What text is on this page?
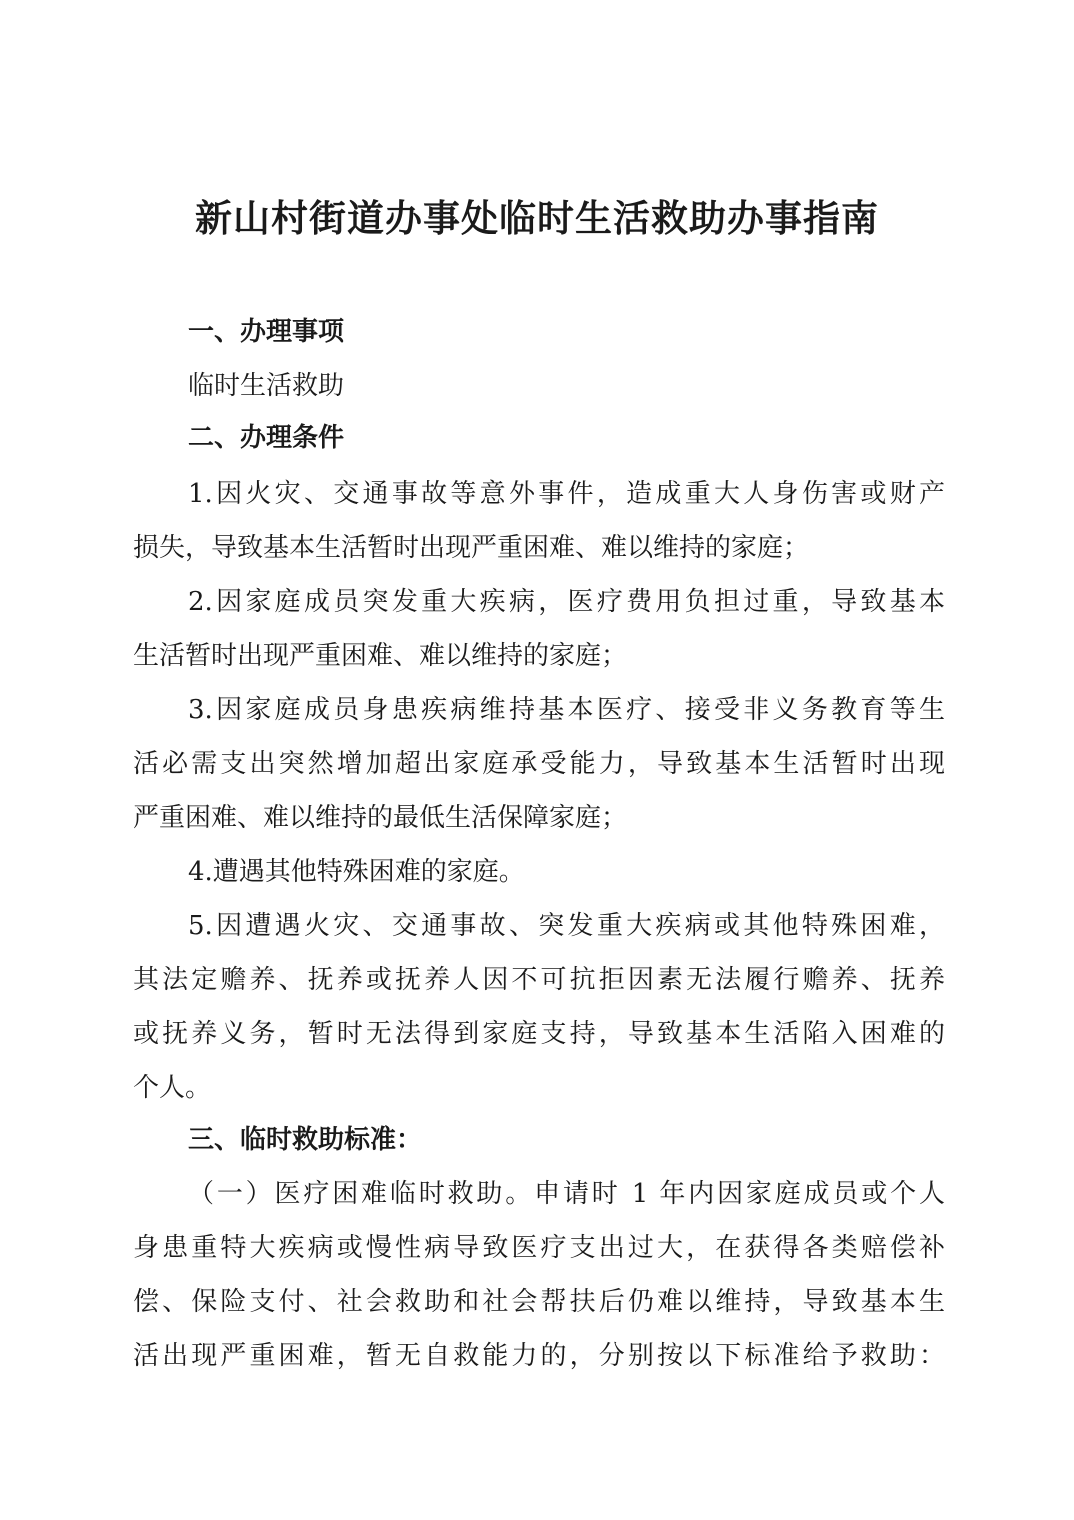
新山村街道办事处临时生活救助办事指南
一、办理事项
临时生活救助
二、办理条件
1.因火灾、交通事故等意外事件，造成重大人身伤害或财产
损失，导致基本生活暂时出现严重困难、难以维持的家庭；
2.因家庭成员突发重大疾病，医疗费用负担过重，导致基本
生活暂时出现严重困难、难以维持的家庭；
3.因家庭成员身患疾病维持基本医疗、接受非义务教育等生
活必需支出突然增加超出家庭承受能力，导致基本生活暂时出现
严重困难、难以维持的最低生活保障家庭；
4.遭遇其他特殊困难的家庭。
5.因遭遇火灾、交通事故、突发重大疾病或其他特殊困难，
其法定赡养、抚养或抚养人因不可抗拒因素无法履行赡养、抚养
或抚养义务，暂时无法得到家庭支持，导致基本生活陷入困难的
个人。
三、临时救助标准：
（一）医疗困难临时救助。申请时 1 年内因家庭成员或个人
身患重特大疾病或慢性病导致医疗支出过大，在获得各类赔偿补
偿、保险支付、社会救助和社会帮扶后仍难以维持，导致基本生
活出现严重困难，暂无自救能力的，分别按以下标准给予救助：
